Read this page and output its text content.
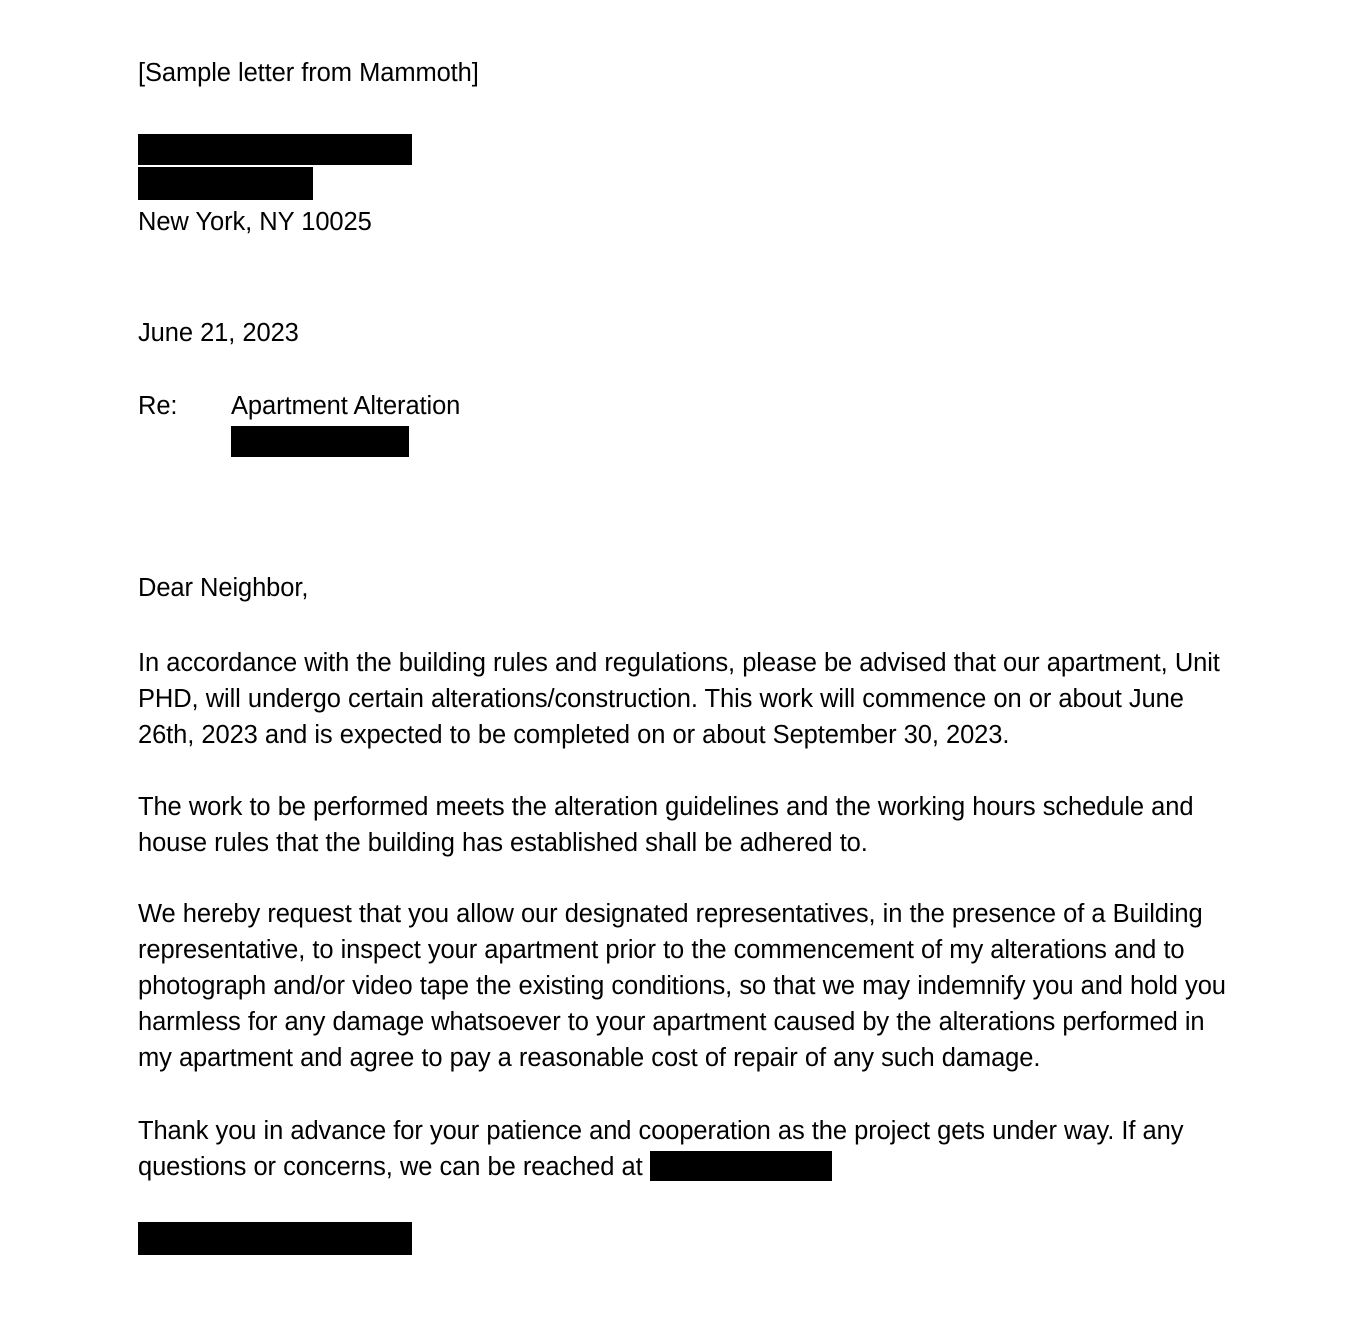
[Sample letter from Mammoth]
New York, NY 10025
June 21, 2023
Re: Apartment Alteration
Dear Neighbor,
In accordance with the building rules and regulations, please be advised that our apartment, Unit PHD, will undergo certain alterations/construction. This work will commence on or about June 26th, 2023 and is expected to be completed on or about September 30, 2023.
The work to be performed meets the alteration guidelines and the working hours schedule and house rules that the building has established shall be adhered to.
We hereby request that you allow our designated representatives, in the presence of a Building representative, to inspect your apartment prior to the commencement of my alterations and to photograph and/or video tape the existing conditions, so that we may indemnify you and hold you harmless for any damage whatsoever to your apartment caused by the alterations performed in my apartment and agree to pay a reasonable cost of repair of any such damage.
Thank you in advance for your patience and cooperation as the project gets under way. If any questions or concerns, we can be reached at
